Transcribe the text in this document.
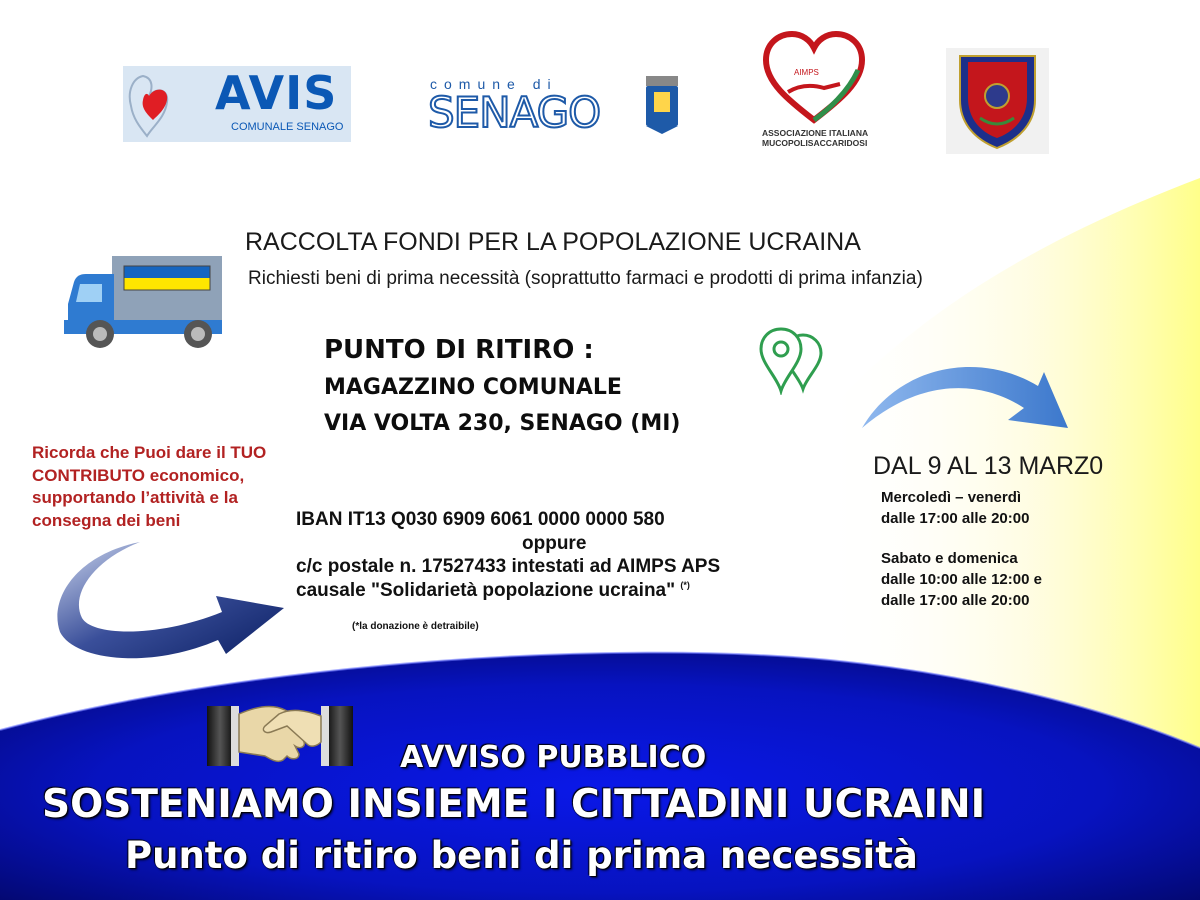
AVIS
COMUNALE SENAGO
comune di
SENAGO
AIMPS
ASSOCIAZIONE ITALIANA
MUCOPOLISACCARIDOSI
RACCOLTA FONDI PER LA POPOLAZIONE UCRAINA
Richiesti beni di prima necessità (soprattutto farmaci e prodotti di prima infanzia)
PUNTO DI RITIRO :
MAGAZZINO COMUNALE
VIA VOLTA 230, SENAGO (MI)
Ricorda che Puoi dare il TUO CONTRIBUTO economico, supportando l’attività e la consegna dei beni	IBAN IT13 Q030 6909 6061 0000 0000 580
oppure
c/c postale n. 17527433 intestati ad AIMPS APS
causale "Solidarietà popolazione ucraina" (*)
(*la donazione è detraibile)
DAL 9 AL 13 MARZ0
Mercoledì – venerdì
dalle 17:00 alle 20:00
Sabato e domenica
dalle 10:00 alle 12:00 e
dalle 17:00 alle 20:00
AVVISO PUBBLICO
SOSTENIAMO INSIEME I CITTADINI UCRAINI
Punto di ritiro beni di prima necessità
